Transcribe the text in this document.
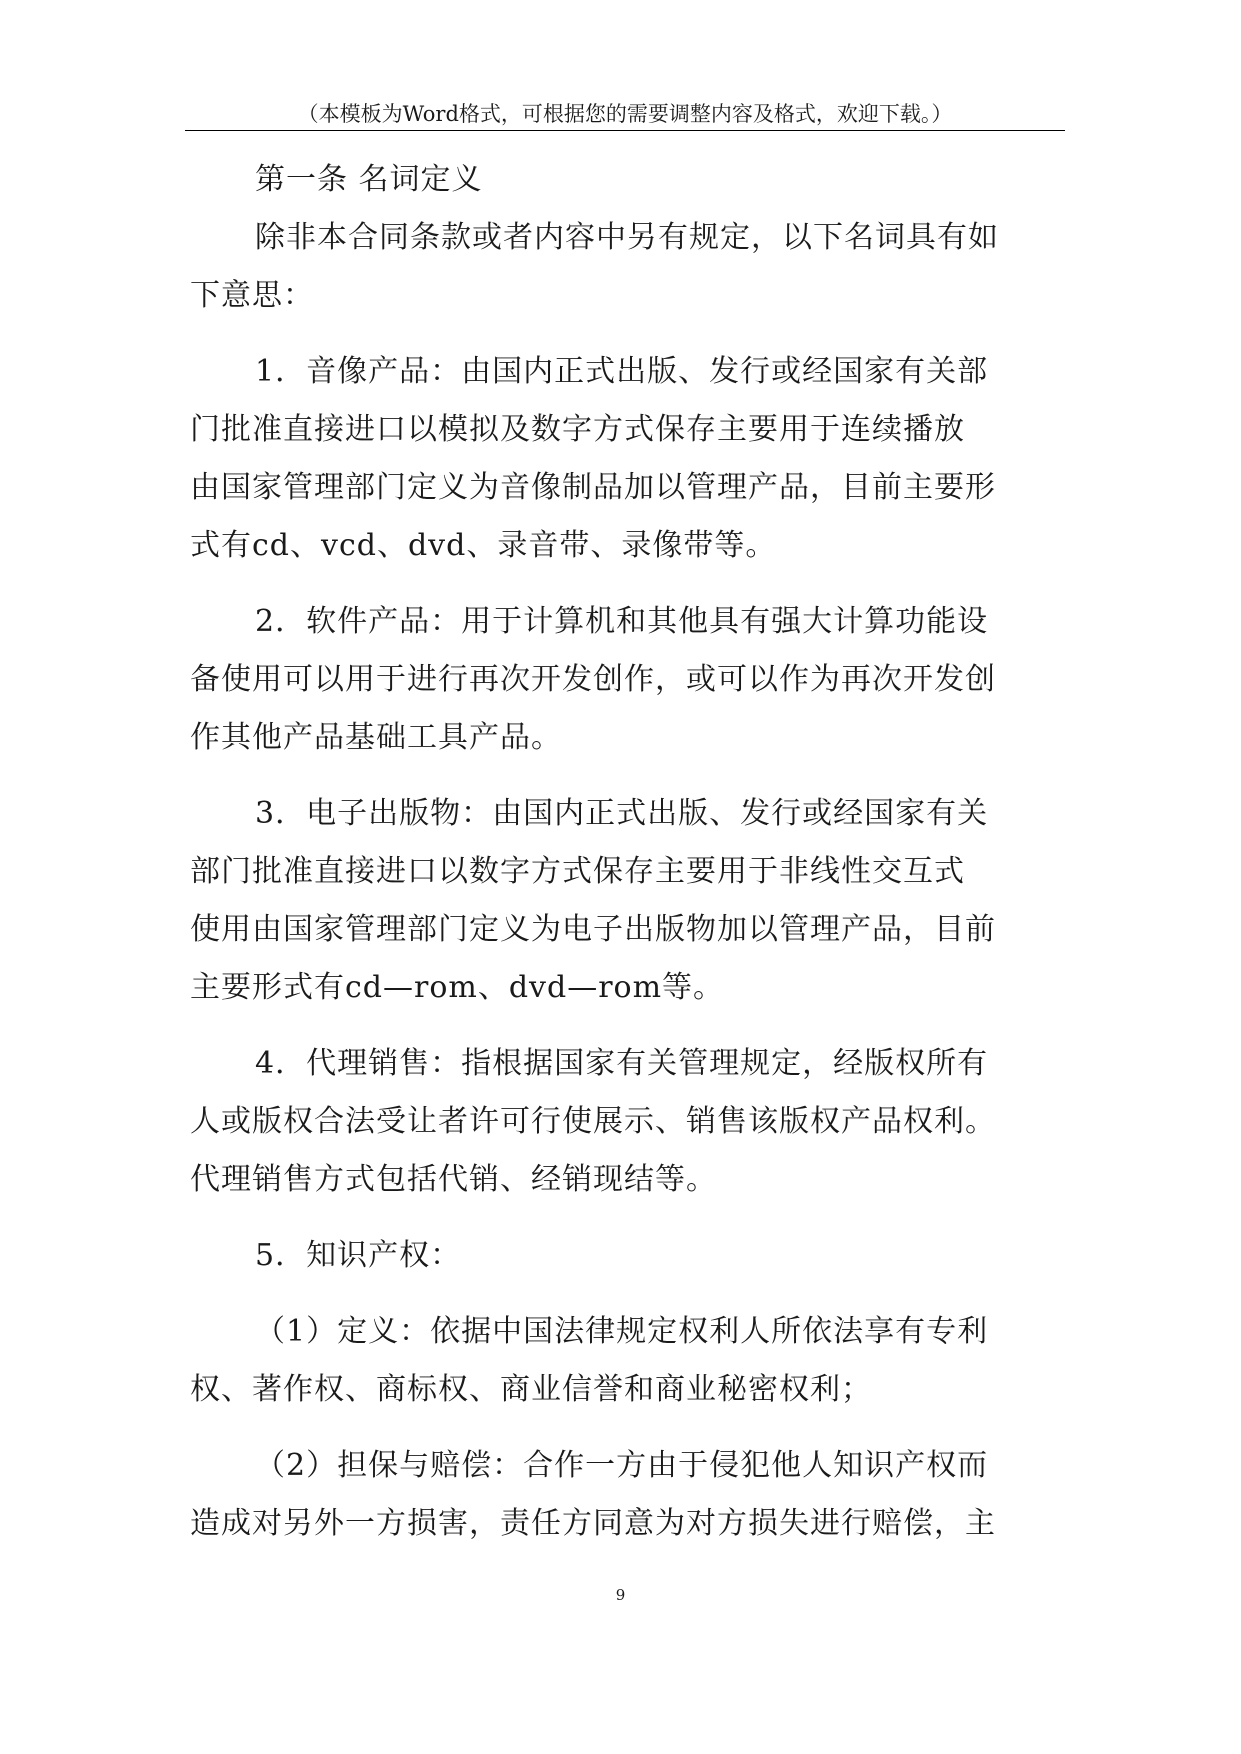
（本模板为Word格式，可根据您的需要调整内容及格式，欢迎下载。）
第一条 名词定义
除非本合同条款或者内容中另有规定，以下名词具有如
下意思：
1．音像产品：由国内正式出版、发行或经国家有关部
门批准直接进口以模拟及数字方式保存主要用于连续播放
由国家管理部门定义为音像制品加以管理产品，目前主要形
式有cd、vcd、dvd、录音带、录像带等。
2．软件产品：用于计算机和其他具有强大计算功能设
备使用可以用于进行再次开发创作，或可以作为再次开发创
作其他产品基础工具产品。
3．电子出版物：由国内正式出版、发行或经国家有关
部门批准直接进口以数字方式保存主要用于非线性交互式
使用由国家管理部门定义为电子出版物加以管理产品，目前
主要形式有cd—rom、dvd—rom等。
4．代理销售：指根据国家有关管理规定，经版权所有
人或版权合法受让者许可行使展示、销售该版权产品权利。
代理销售方式包括代销、经销现结等。
5．知识产权：
（1）定义：依据中国法律规定权利人所依法享有专利
权、著作权、商标权、商业信誉和商业秘密权利；
（2）担保与赔偿：合作一方由于侵犯他人知识产权而
造成对另外一方损害，责任方同意为对方损失进行赔偿，主
9
